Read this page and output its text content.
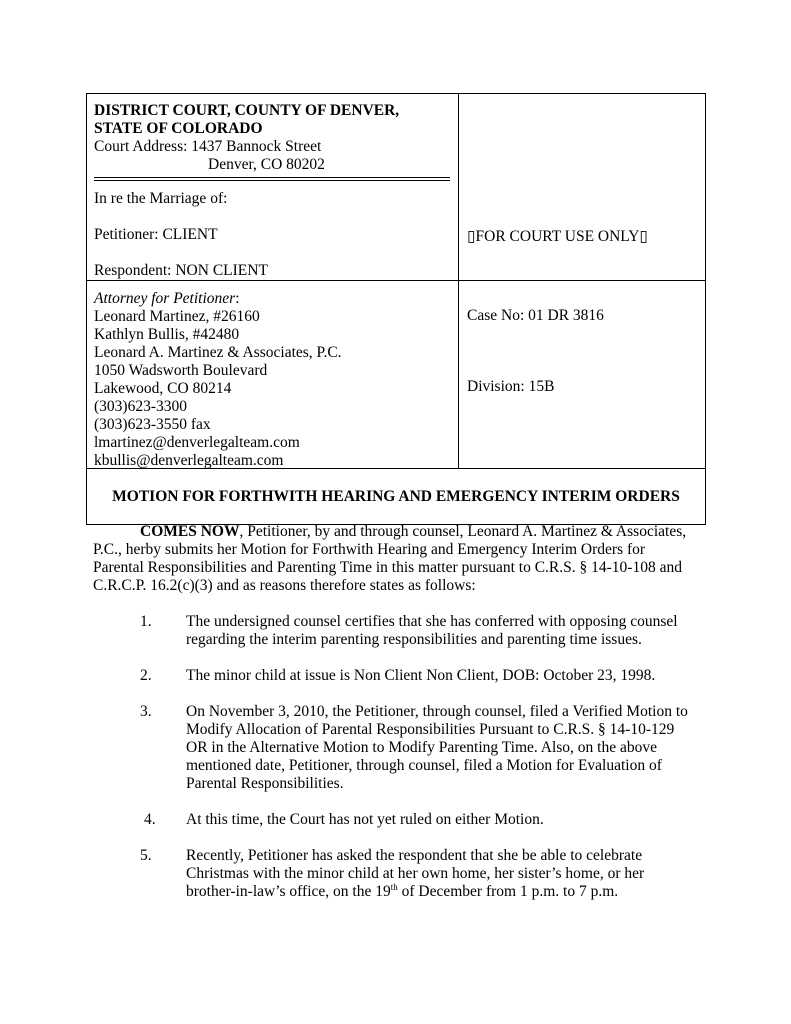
DISTRICT COURT, COUNTY OF DENVER,
STATE OF COLORADO
Court Address: 1437 Bannock Street
Denver, CO 80202
In re the Marriage of:
Petitioner: CLIENT
Respondent: NON CLIENT
▯FOR COURT USE ONLY▯
Attorney for Petitioner:
Leonard Martinez, #26160
Kathlyn Bullis, #42480
Leonard A. Martinez & Associates, P.C.
1050 Wadsworth Boulevard
Lakewood, CO 80214
(303)623-3300
(303)623-3550 fax
lmartinez@denverlegalteam.com
kbullis@denverlegalteam.com
Case No: 01 DR 3816
Division: 15B
MOTION FOR FORTHWITH HEARING AND EMERGENCY INTERIM ORDERS

COMES NOW, Petitioner, by and through counsel, Leonard A. Martinez & Associates, P.C., herby submits her Motion for Forthwith Hearing and Emergency Interim Orders for Parental Responsibilities and Parenting Time in this matter pursuant to C.R.S. § 14-10-108 and C.R.C.P. 16.2(c)(3) and as reasons therefore states as follows:

1.	The undersigned counsel certifies that she has conferred with opposing counsel regarding the interim parenting responsibilities and parenting time issues.
2.	The minor child at issue is Non Client Non Client, DOB: October 23, 1998.
3.	On November 3, 2010, the Petitioner, through counsel, filed a Verified Motion to Modify Allocation of Parental Responsibilities Pursuant to C.R.S. § 14-10-129 OR in the Alternative Motion to Modify Parenting Time. Also, on the above mentioned date, Petitioner, through counsel, filed a Motion for Evaluation of Parental Responsibilities.
4.	At this time, the Court has not yet ruled on either Motion.
5.	Recently, Petitioner has asked the respondent that she be able to celebrate Christmas with the minor child at her own home, her sister’s home, or her brother-in-law’s office, on the 19th of December from 1 p.m. to 7 p.m.
